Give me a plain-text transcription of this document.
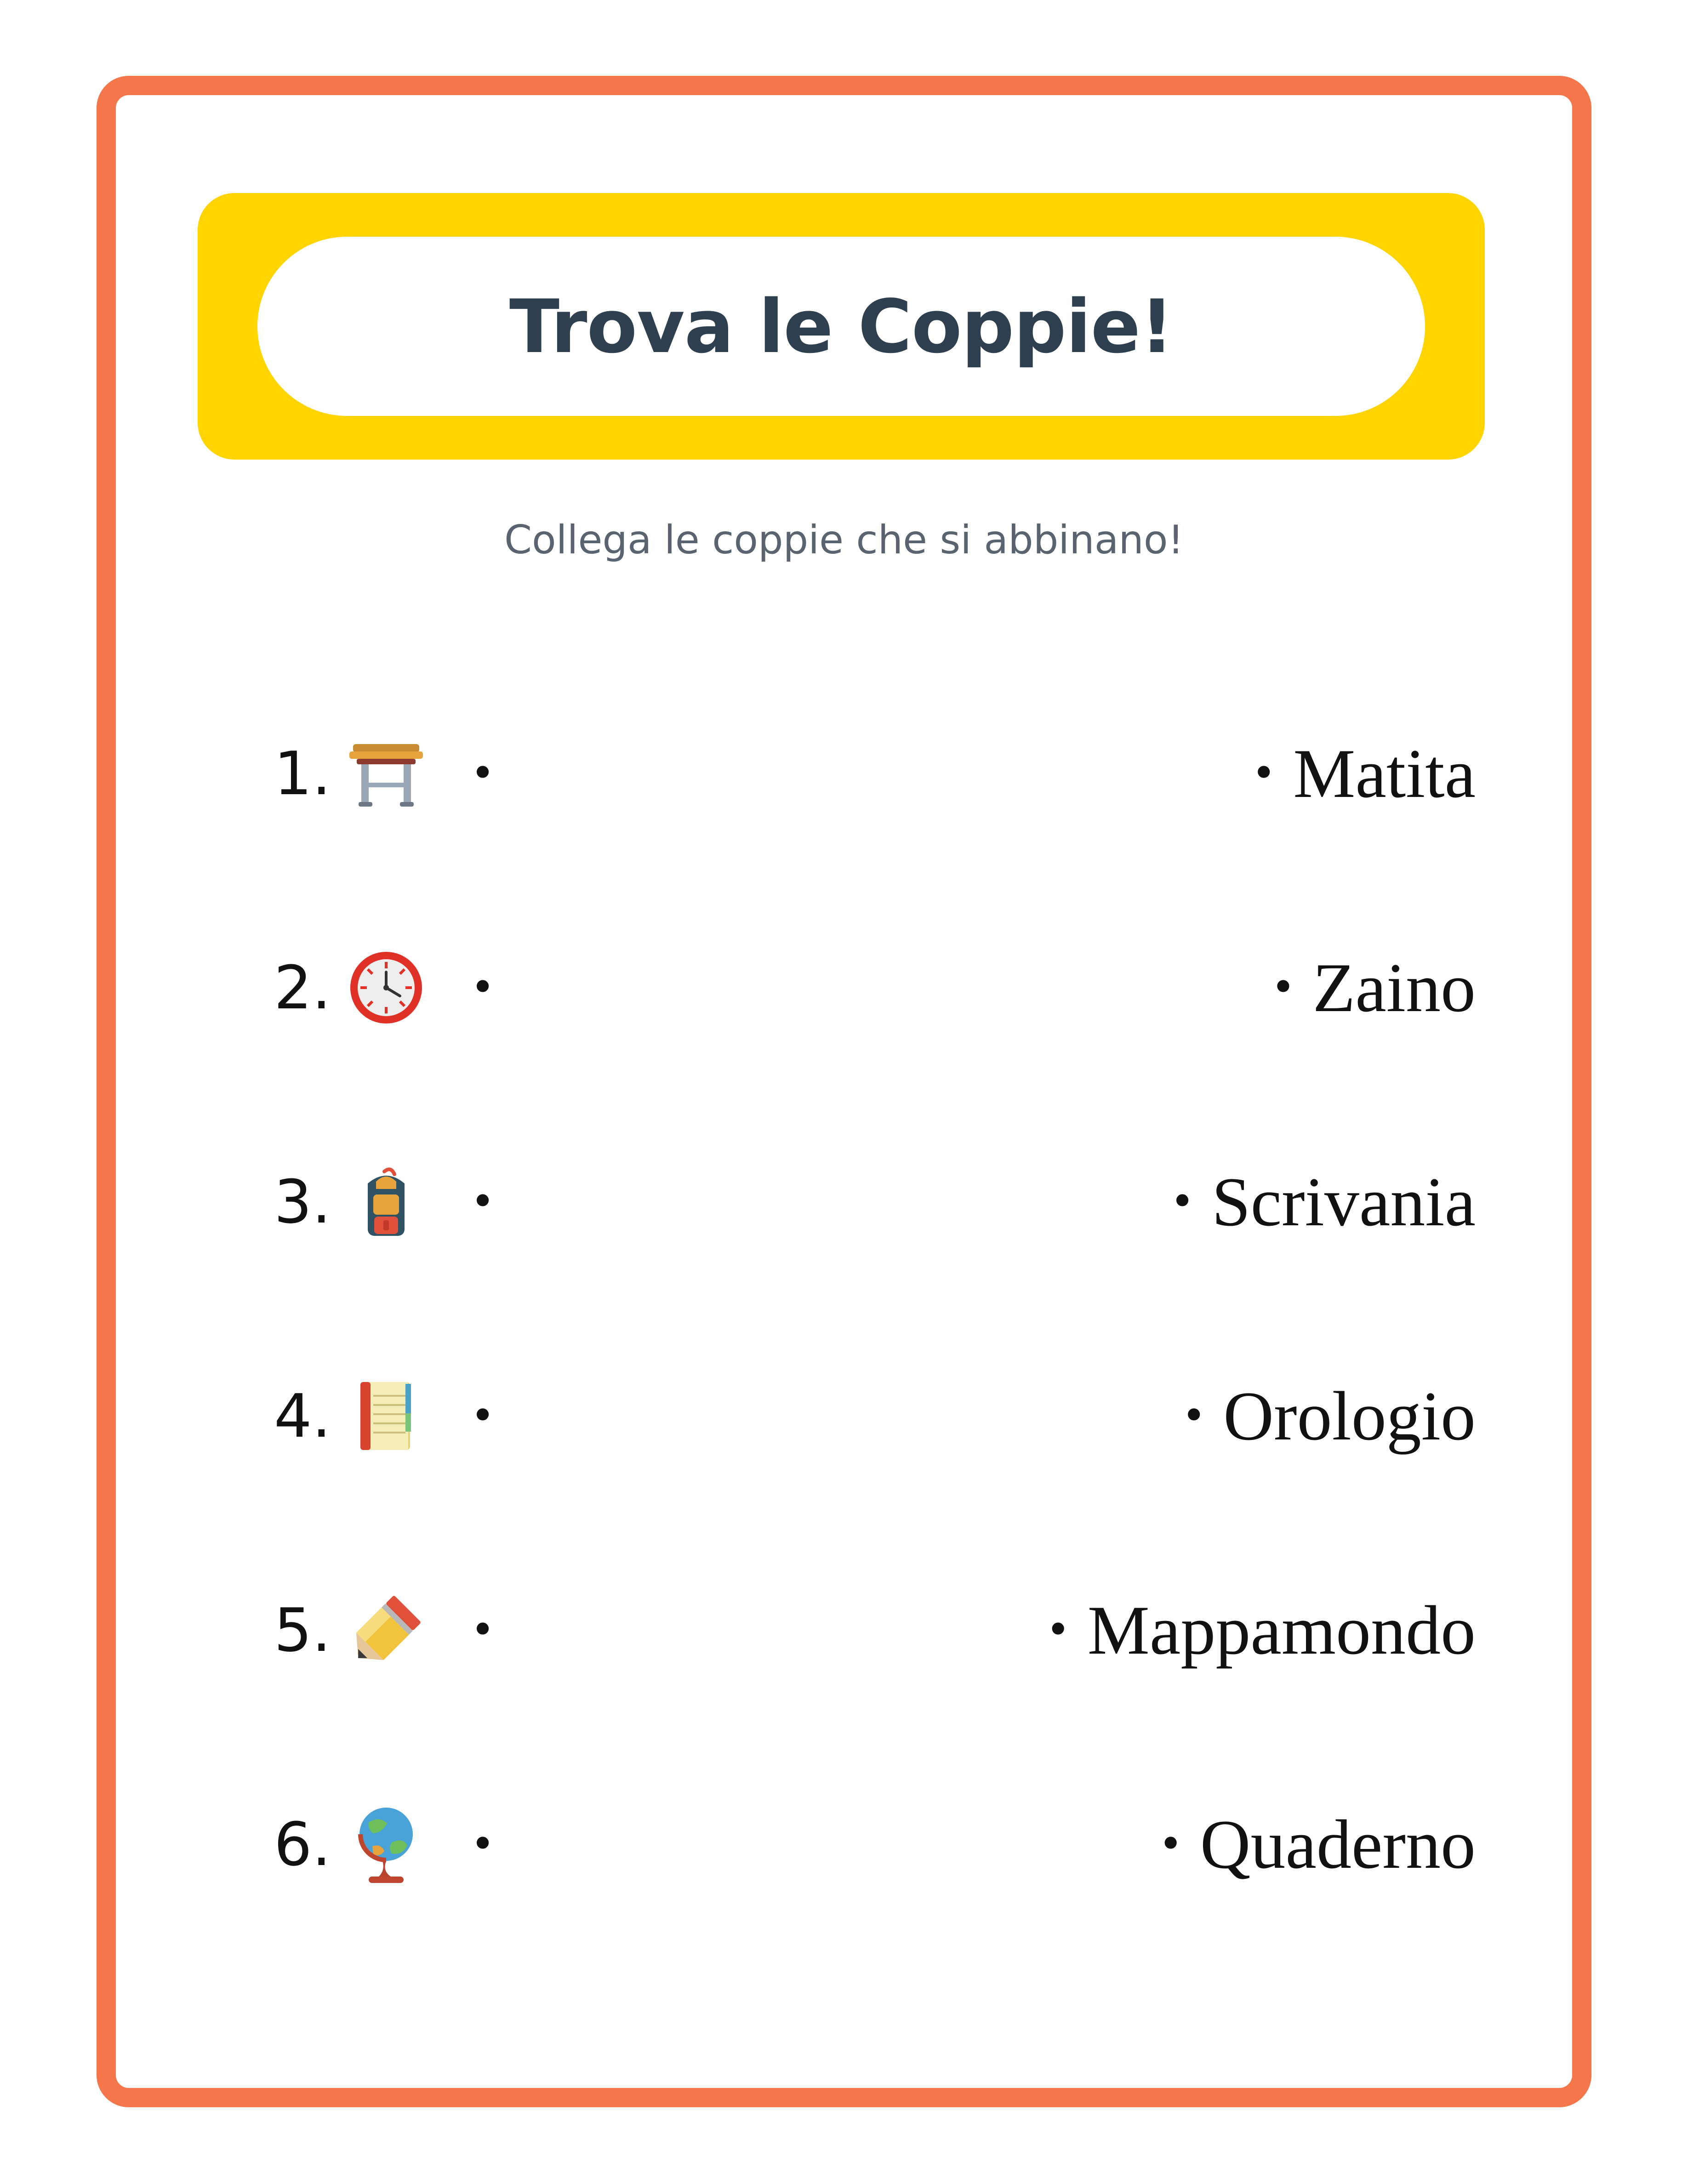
Trova le Coppie!
Collega le coppie che si abbinano!
1.	•	• Matita
2.	•	• Zaino
3.	•	• Scrivania
4.	•	• Orologio
5.	•	• Mappamondo
6.	•	• Quaderno
